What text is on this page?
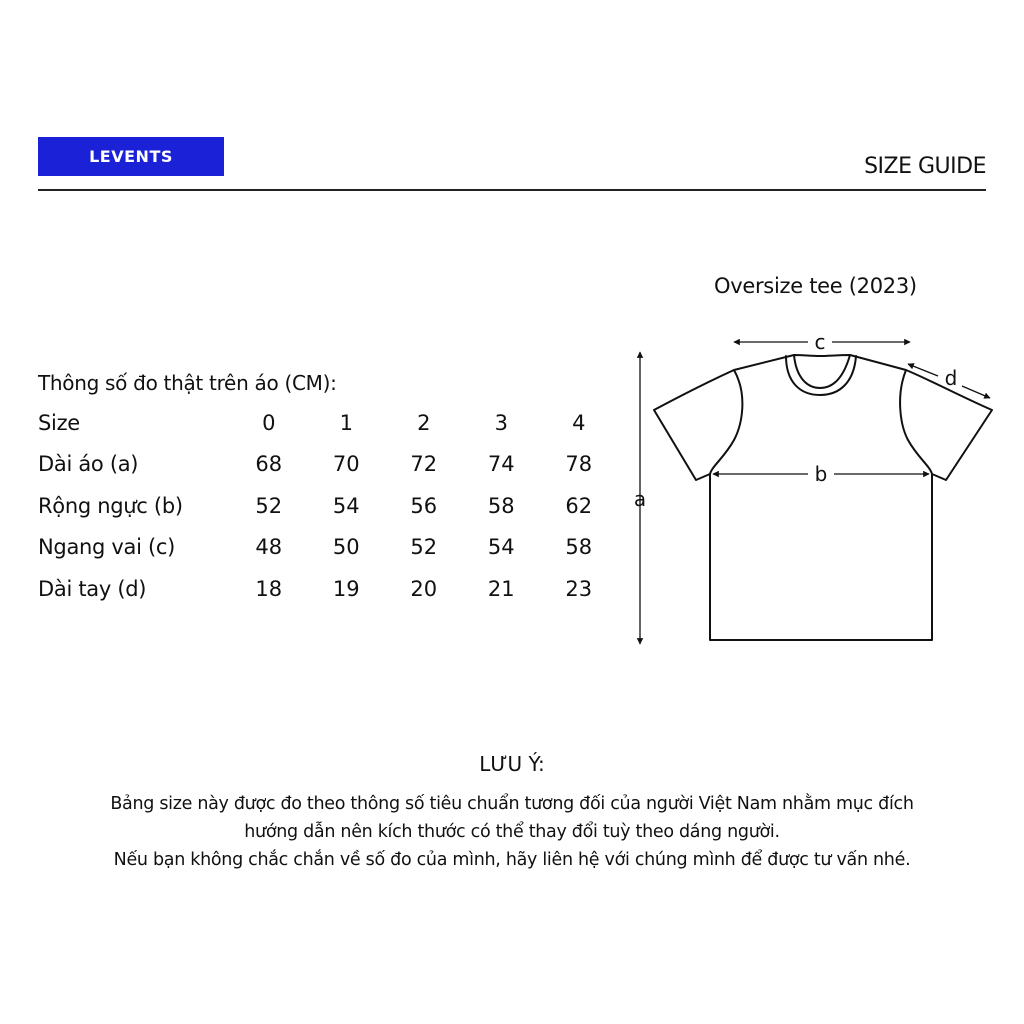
LEVENTS	SIZE GUIDE
Oversize tee (2023)
Thông số đo thật trên áo (CM):
Size	0	1	2	3	4
Dài áo (a)	68	70	72	74	78
Rộng ngực (b)	52	54	56	58	62
Ngang vai (c)	48	50	52	54	58
Dài tay (d)	18	19	20	21	23
a
b
c
d
LƯU Ý:
Bảng size này được đo theo thông số tiêu chuẩn tương đối của người Việt Nam nhằm mục đích
hướng dẫn nên kích thước có thể thay đổi tuỳ theo dáng người.
Nếu bạn không chắc chắn về số đo của mình, hãy liên hệ với chúng mình để được tư vấn nhé.
